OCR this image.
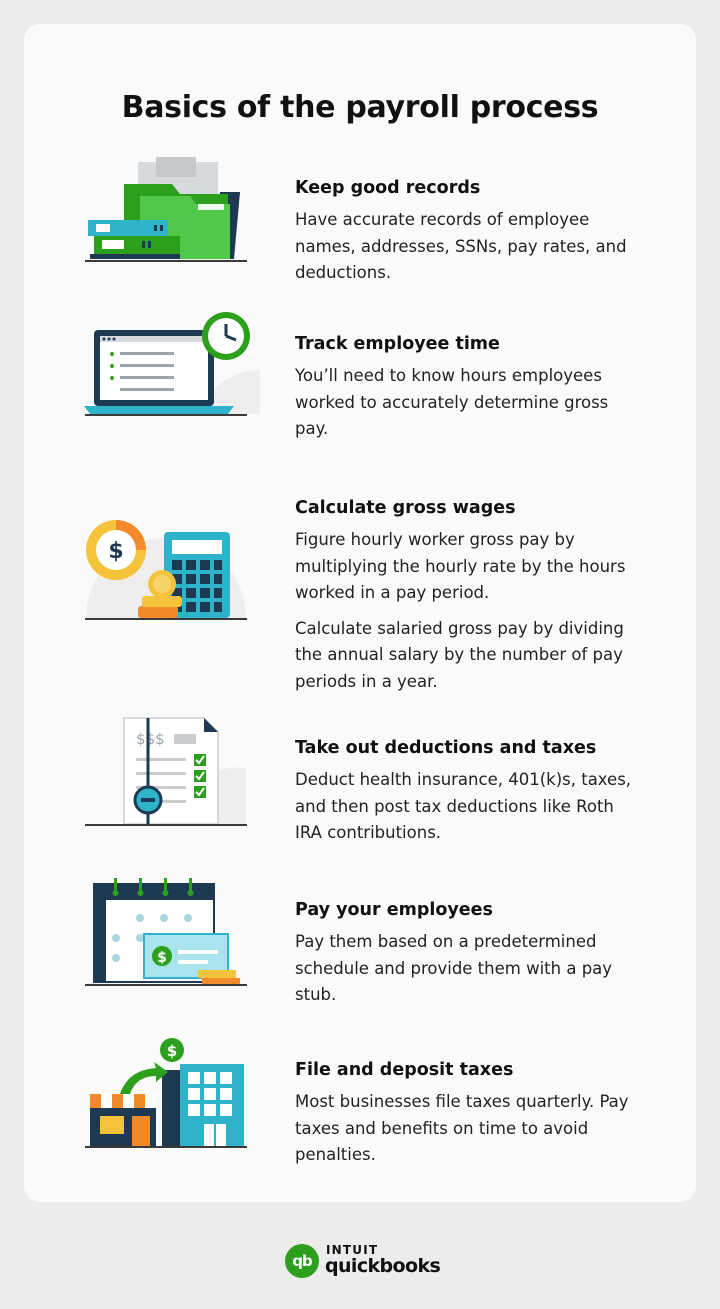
Basics of the payroll process
Keep good records
Have accurate records of employee names, addresses, SSNs, pay rates, and deductions.
Track employee time
You’ll need to know hours employees worked to accurately determine gross pay.
$
Calculate gross wages
Figure hourly worker gross pay by multiplying the hourly rate by the hours worked in a pay period.
Calculate salaried gross pay by dividing the annual salary by the number of pay periods in a year.
$$$	Take out deductions and taxes
Deduct health insurance, 401(k)s, taxes, and then post tax deductions like Roth IRA contributions.
$
Pay your employees
Pay them based on a predetermined schedule and provide them with a pay stub.
$
File and deposit taxes
Most businesses file taxes quarterly. Pay taxes and benefits on time to avoid penalties.
qb
INTUIT
quickbooks
